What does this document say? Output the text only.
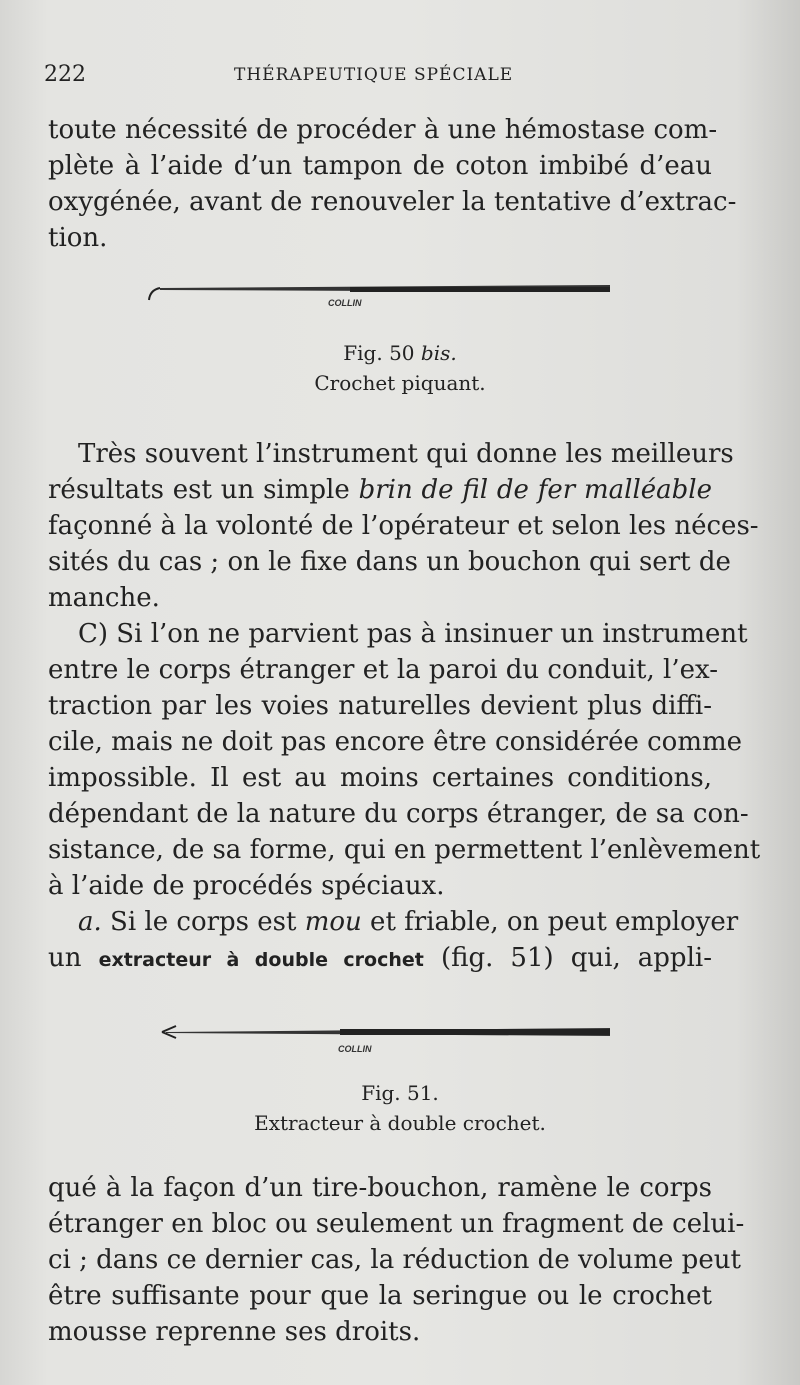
222	THÉRAPEUTIQUE SPÉCIALE
toute nécessité de procéder à une hémostase com-
plète à l’aide d’un tampon de coton imbibé d’eau
oxygénée, avant de renouveler la tentative d’extrac-
tion.
COLLIN
Fig. 50 bis.
Crochet piquant.
Très souvent l’instrument qui donne les meilleurs
résultats est un simple brin de fil de fer malléable
façonné à la volonté de l’opérateur et selon les néces-
sités du cas ; on le fixe dans un bouchon qui sert de
manche.
C) Si l’on ne parvient pas à insinuer un instrument
entre le corps étranger et la paroi du conduit, l’ex-
traction par les voies naturelles devient plus diffi-
cile, mais ne doit pas encore être considérée comme
impossible. Il est au moins certaines conditions,
dépendant de la nature du corps étranger, de sa con-
sistance, de sa forme, qui en permettent l’enlèvement
à l’aide de procédés spéciaux.
a. Si le corps est mou et friable, on peut employer
un extracteur à double crochet (fig. 51) qui, appli-
COLLIN
Fig. 51.
Extracteur à double crochet.
qué à la façon d’un tire-bouchon, ramène le corps
étranger en bloc ou seulement un fragment de celui-
ci ; dans ce dernier cas, la réduction de volume peut
être suffisante pour que la seringue ou le crochet
mousse reprenne ses droits.
